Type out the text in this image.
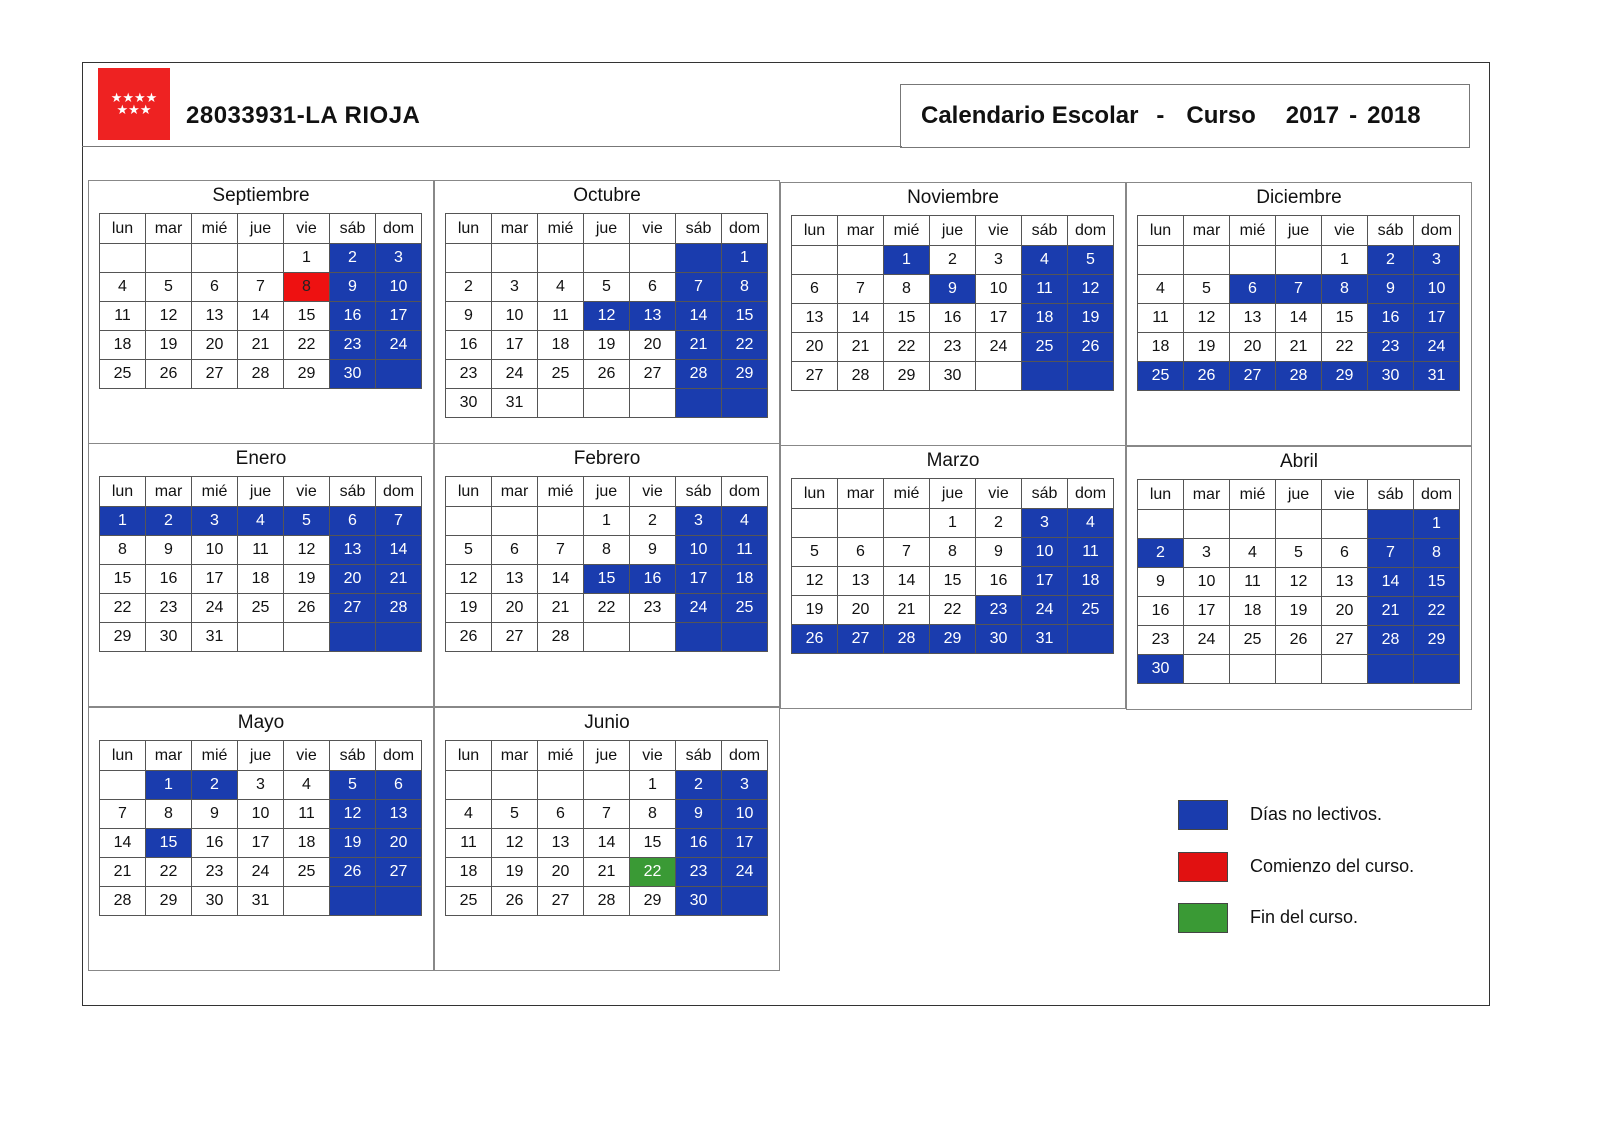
★★★★
★★★ 28033931-LA RIOJA	Calendario Escolar - Curso 2017 - 2018
Septiembre
lun	mar	mié	jue	vie	sáb	dom
				1	2	3
4	5	6	7	8	9	10
11	12	13	14	15	16	17
18	19	20	21	22	23	24
25	26	27	28	29	30	
Octubre
lun	mar	mié	jue	vie	sáb	dom
						1
2	3	4	5	6	7	8
9	10	11	12	13	14	15
16	17	18	19	20	21	22
23	24	25	26	27	28	29
30	31					
Noviembre
lun	mar	mié	jue	vie	sáb	dom
		1	2	3	4	5
6	7	8	9	10	11	12
13	14	15	16	17	18	19
20	21	22	23	24	25	26
27	28	29	30			
Diciembre
lun	mar	mié	jue	vie	sáb	dom
				1	2	3
4	5	6	7	8	9	10
11	12	13	14	15	16	17
18	19	20	21	22	23	24
25	26	27	28	29	30	31
Enero
lun	mar	mié	jue	vie	sáb	dom
1	2	3	4	5	6	7
8	9	10	11	12	13	14
15	16	17	18	19	20	21
22	23	24	25	26	27	28
29	30	31				
Febrero
lun	mar	mié	jue	vie	sáb	dom
			1	2	3	4
5	6	7	8	9	10	11
12	13	14	15	16	17	18
19	20	21	22	23	24	25
26	27	28				
Marzo
lun	mar	mié	jue	vie	sáb	dom
			1	2	3	4
5	6	7	8	9	10	11
12	13	14	15	16	17	18
19	20	21	22	23	24	25
26	27	28	29	30	31	
Abril
lun	mar	mié	jue	vie	sáb	dom
						1
2	3	4	5	6	7	8
9	10	11	12	13	14	15
16	17	18	19	20	21	22
23	24	25	26	27	28	29
30						
Mayo
lun	mar	mié	jue	vie	sáb	dom
	1	2	3	4	5	6
7	8	9	10	11	12	13
14	15	16	17	18	19	20
21	22	23	24	25	26	27
28	29	30	31			
Junio
lun	mar	mié	jue	vie	sáb	dom
				1	2	3
4	5	6	7	8	9	10
11	12	13	14	15	16	17
18	19	20	21	22	23	24
25	26	27	28	29	30	
Días no lectivos.
Comienzo del curso.
Fin del curso.
